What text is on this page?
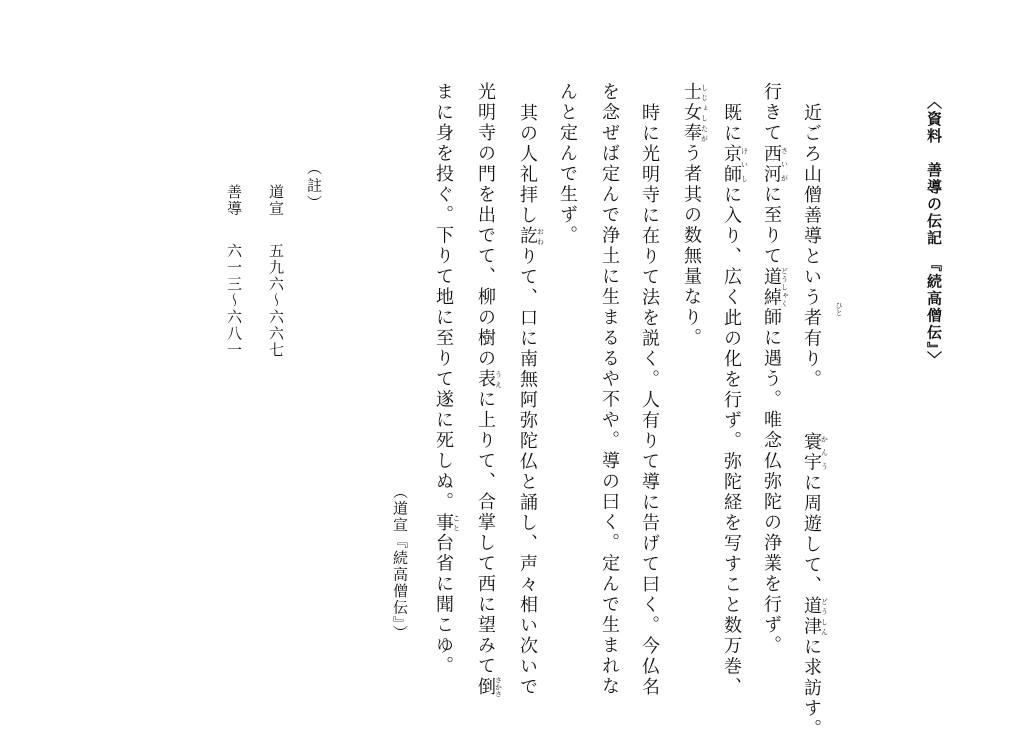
〈資料　善導の伝記　『続高僧伝』〉
近ごろ山僧善導という者有り。寰宇かんうに周遊して、道津どうしんに求訪す。
行きて西河さいがに至りて道綽どうしゃく師に遇う。唯念仏弥陀の浄業を行ず。
既に京師けいしに入り、広く此の化を行ず。弥陀経を写すこと数万巻、
士女奉しじょしたがう者其の数無量なり。
時に光明寺に在りて法を説く。人有りて導に告げて曰く。今仏名
を念ぜば定んで浄土に生まるるや不や。導の曰く。定んで生まれな
んと定んで生ず。
其の人礼拝し訖おわりて、口に南無阿弥陀仏と誦し、声々相い次いで
光明寺の門を出でて、柳の樹の表うえに上りて、合掌して西に望みて倒さかさ
まに身を投ぐ。下りて地に至りて遂に死しぬ。事こと台省に聞こゆ。
（道宣『続高僧伝』）
（註）
道宣五九六～六六七
善導六一三～六八一	ひと
